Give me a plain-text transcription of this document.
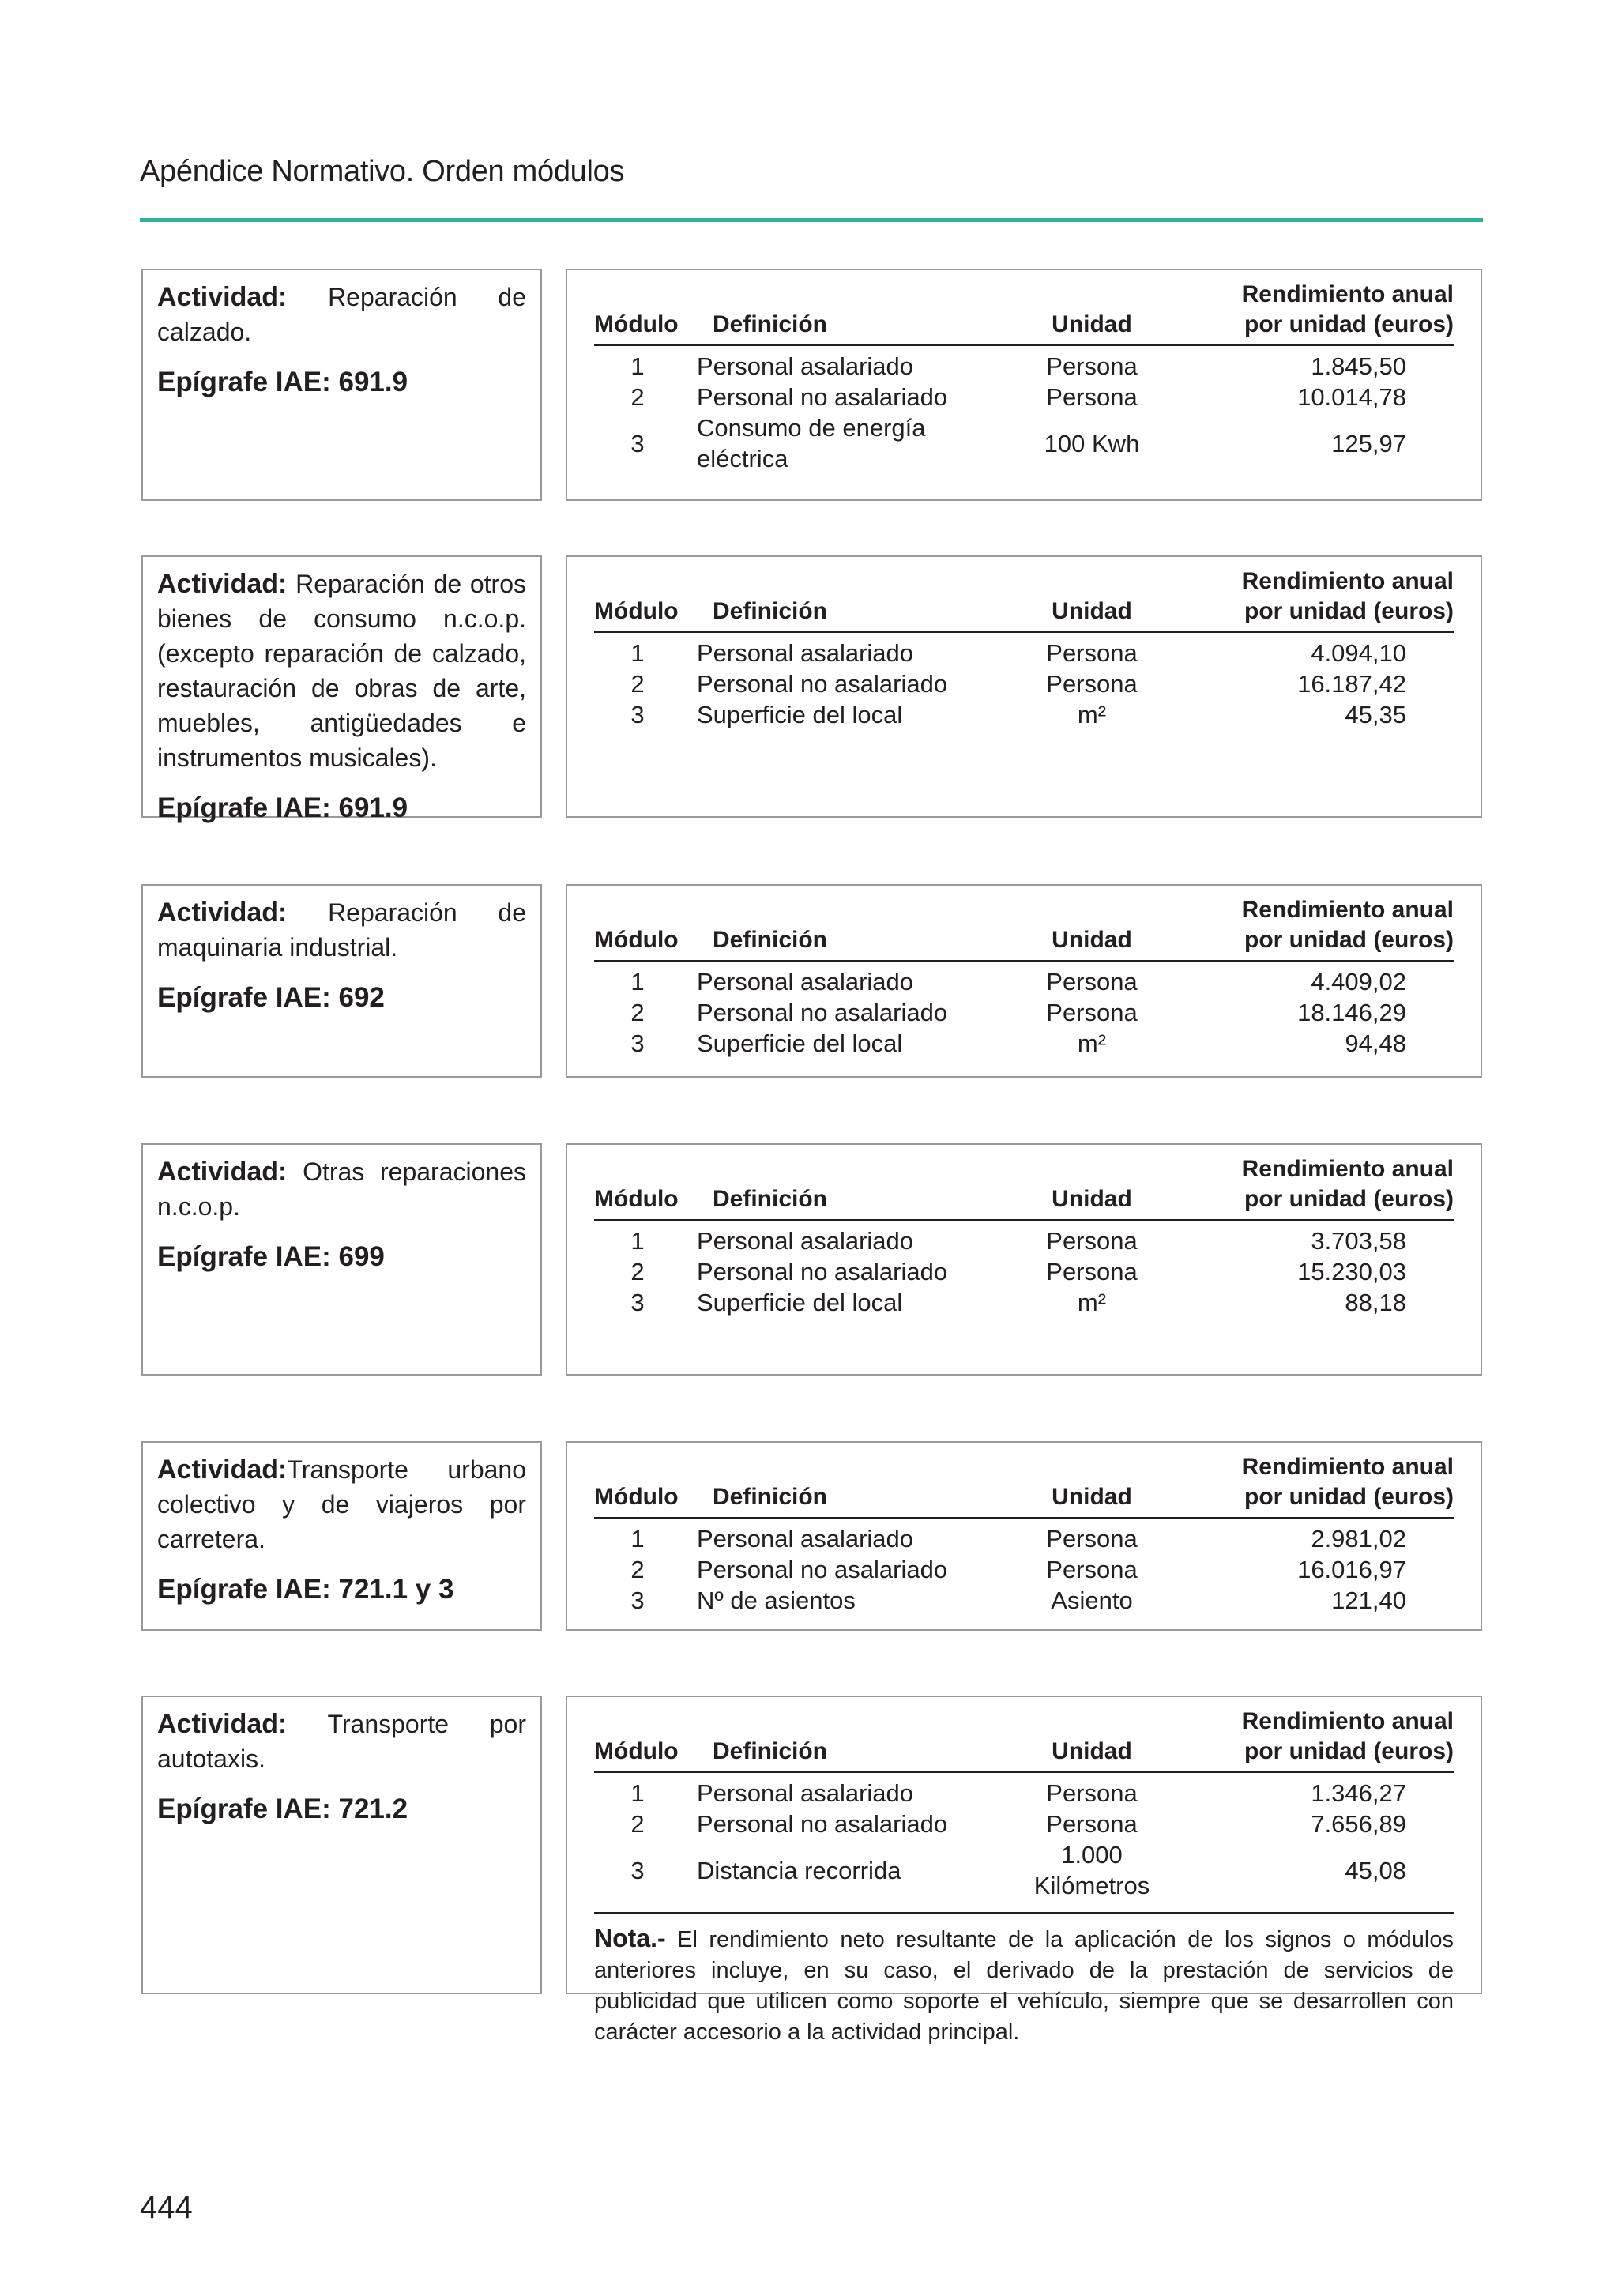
Apéndice Normativo. Orden módulos
Actividad: Reparación de calzado.
Epígrafe IAE: 691.9
Módulo	Definición	Unidad	Rendimiento anual
por unidad (euros)
1	Personal asalariado	Persona	1.845,50
2	Personal no asalariado	Persona	10.014,78
3	Consumo de energía eléctrica	100 Kwh	125,97
Actividad: Reparación de otros bienes de consumo n.c.o.p. (excepto reparación de calzado, restauración de obras de arte, muebles, antigüedades e instrumentos musicales).
Epígrafe IAE: 691.9
Módulo	Definición	Unidad	Rendimiento anual
por unidad (euros)
1	Personal asalariado	Persona	4.094,10
2	Personal no asalariado	Persona	16.187,42
3	Superficie del local	m²	45,35
Actividad: Reparación de maquinaria industrial.
Epígrafe IAE: 692
Módulo	Definición	Unidad	Rendimiento anual
por unidad (euros)
1	Personal asalariado	Persona	4.409,02
2	Personal no asalariado	Persona	18.146,29
3	Superficie del local	m²	94,48
Actividad: Otras reparaciones n.c.o.p.
Epígrafe IAE: 699
Módulo	Definición	Unidad	Rendimiento anual
por unidad (euros)
1	Personal asalariado	Persona	3.703,58
2	Personal no asalariado	Persona	15.230,03
3	Superficie del local	m²	88,18
Actividad:Transporte urbano colectivo y de viajeros por carretera.
Epígrafe IAE: 721.1 y 3
Módulo	Definición	Unidad	Rendimiento anual
por unidad (euros)
1	Personal asalariado	Persona	2.981,02
2	Personal no asalariado	Persona	16.016,97
3	Nº de asientos	Asiento	121,40
Actividad: Transporte por autotaxis.
Epígrafe IAE: 721.2
Módulo	Definición	Unidad	Rendimiento anual
por unidad (euros)
1	Personal asalariado	Persona	1.346,27
2	Personal no asalariado	Persona	7.656,89
3	Distancia recorrida	1.000 Kilómetros	45,08
Nota.- El rendimiento neto resultante de la aplicación de los signos o módulos anteriores incluye, en su caso, el derivado de la prestación de servicios de publicidad que utilicen como soporte el vehículo, siempre que se desarrollen con carácter accesorio a la actividad principal.
444
